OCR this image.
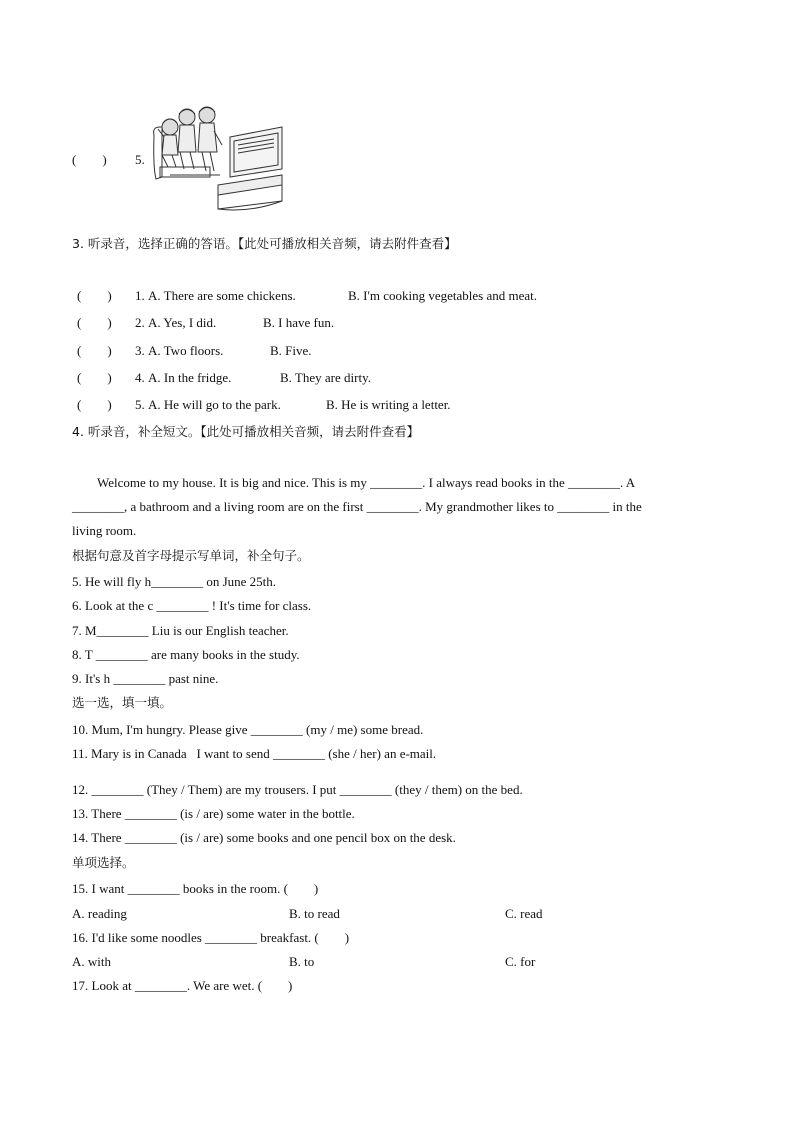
(        ) 5.
3. 听录音，选择正确的答语。【此处可播放相关音频，请去附件查看】
(        ) 1. A. There are some chickens.	B. I'm cooking vegetables and meat.
(        ) 2. A. Yes, I did.	B. I have fun.
(        ) 3. A. Two floors.	B. Five.
(        ) 4. A. In the fridge.	B. They are dirty.
(        ) 5. A. He will go to the park.	B. He is writing a letter.
4. 听录音，补全短文。【此处可播放相关音频，请去附件查看】
Welcome to my house. It is big and nice. This is my ________. I always read books in the ________. A
________, a bathroom and a living room are on the first ________. My grandmother likes to ________ in the
living room.
根据句意及首字母提示写单词，补全句子。
5. He will fly h________ on June 25th.
6. Look at the c ________ ! It's time for class.
7. M________ Liu is our English teacher.
8. T ________ are many books in the study.
9. It's h ________ past nine.
选一选，填一填。
10. Mum, I'm hungry. Please give ________ (my / me) some bread.
11. Mary is in Canada   I want to send ________ (she / her) an e-mail.
12. ________ (They / Them) are my trousers. I put ________ (they / them) on the bed.
13. There ________ (is / are) some water in the bottle.
14. There ________ (is / are) some books and one pencil box on the desk.
单项选择。
15. I want ________ books in the room. (        )
A. reading	B. to read	C. read
16. I'd like some noodles ________ breakfast. (        )
A. with	B. to	C. for
17. Look at ________. We are wet. (        )
